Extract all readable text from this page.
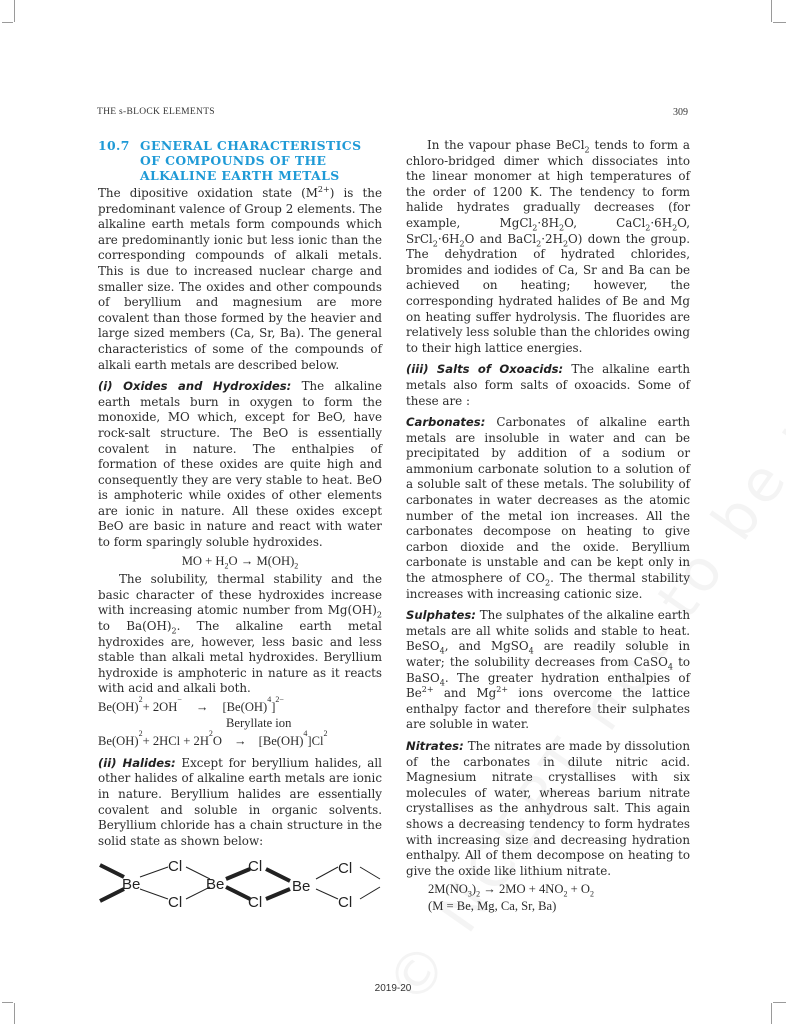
THE s-BLOCK ELEMENTS	309
10.7 GENERAL CHARACTERISTICS OF COMPOUNDS OF THE ALKALINE EARTH METALS

The dipositive oxidation state $(M^{2+})$ is the predominant valence of Group 2 elements. The alkaline earth metals form compounds which are predominantly ionic but less ionic than the corresponding compounds of alkali metals. This is due to increased nuclear charge and smaller size. The oxides and other compounds of beryllium and magnesium are more covalent than those formed by the heavier and large sized members (Ca, Sr, Ba). The general characteristics of some of the compounds of alkali earth metals are described below.

(i) Oxides and Hydroxides: The alkaline earth metals burn in oxygen to form the monoxide, MO which, except for BeO, have rock-salt structure. The BeO is essentially covalent in nature. The enthalpies of formation of these oxides are quite high and consequently they are very stable to heat. BeO is amphoteric while oxides of other elements are ionic in nature. All these oxides except BeO are basic in nature and react with water to form sparingly soluble hydroxides.

MO + $H_2O \to M(OH)_2$

The solubility, thermal stability and the basic character of these hydroxides increase with increasing atomic number from $Mg(OH)_2$ to $Ba(OH)_2$. The alkaline earth metal hydroxides are, however, less basic and less stable than alkali metal hydroxides. Beryllium hydroxide is amphoteric in nature as it reacts with acid and alkali both.

Be(OH)
2
+ 2OH
−
→ [Be(OH)
4
]
2−
Beryllate ion
Be(OH)
2
+ 2HCl + 2H
2
O → [Be(OH)
4
]Cl
2

(ii) Halides: Except for beryllium halides, all other halides of alkaline earth metals are ionic in nature. Beryllium halides are essentially covalent and soluble in organic solvents. Beryllium chloride has a chain structure in the solid state as shown below:

Be
Cl
Cl
Be
Cl
Cl
Be
Cl
Cl

In the vapour phase BeCl$_2$ tends to form a chloro-bridged dimer which dissociates into the linear monomer at high temperatures of the order of 1200 K. The tendency to form halide hydrates gradually decreases (for example, $MgCl_2\cdot 8H_2O$, $CaCl_2\cdot 6H_2O$, $SrCl_2\cdot 6H_2O$ and $BaCl_2\cdot 2H_2O$) down the group. The dehydration of hydrated chlorides, bromides and iodides of Ca, Sr and Ba can be achieved on heating; however, the corresponding hydrated halides of Be and Mg on heating suffer hydrolysis. The fluorides are relatively less soluble than the chlorides owing to their high lattice energies.

(iii) Salts of Oxoacids: The alkaline earth metals also form salts of oxoacids. Some of these are :

Carbonates: Carbonates of alkaline earth metals are insoluble in water and can be precipitated by addition of a sodium or ammonium carbonate solution to a solution of a soluble salt of these metals. The solubility of carbonates in water decreases as the atomic number of the metal ion increases. All the carbonates decompose on heating to give carbon dioxide and the oxide. Beryllium carbonate is unstable and can be kept only in the atmosphere of $CO_2$. The thermal stability increases with increasing cationic size.

Sulphates: The sulphates of the alkaline earth metals are all white solids and stable to heat. BeSO$_4$, and MgSO$_4$ are readily soluble in water; the solubility decreases from CaSO$_4$ to BaSO$_4$. The greater hydration enthalpies of $Be^{2+}$ and $Mg^{2+}$ ions overcome the lattice enthalpy factor and therefore their sulphates are soluble in water.

Nitrates: The nitrates are made by dissolution of the carbonates in dilute nitric acid. Magnesium nitrate crystallises with six molecules of water, whereas barium nitrate crystallises as the anhydrous salt. This again shows a decreasing tendency to form hydrates with increasing size and decreasing hydration enthalpy. All of them decompose on heating to give the oxide like lithium nitrate.

$2M(NO_3)_2 \to 2MO + 4NO_2 + O_2$
(M = Be, Mg, Ca, Sr, Ba)
2019-20
